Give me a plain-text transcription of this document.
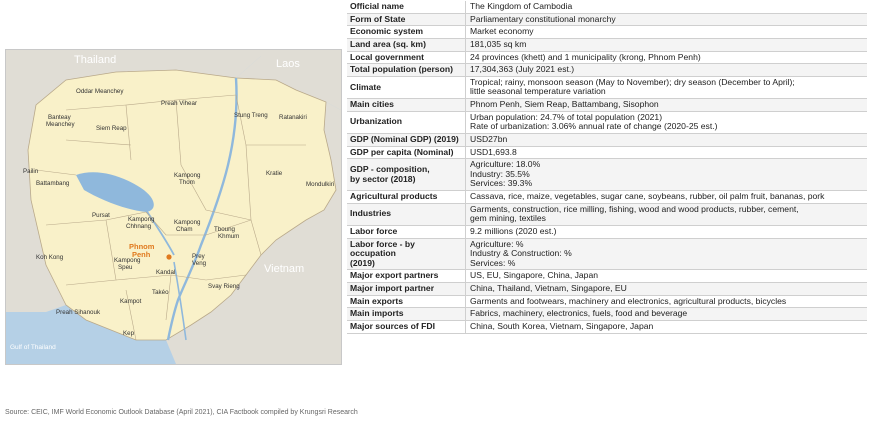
Thailand	Laos
Vietnam
Gulf of Thailand
Oddar Meanchey
Preah Vihear
Stung Treng Ratanakiri
Banteay
Meanchey
Siem Reap
Pailin
Battambang
Kampong
Thom
Kratie
Mondulkiri
Pursat
Kampong
Chhnang
Kampong
Cham	Tboung
Khmum
Koh Kong	Kampong
Speu
Kandal
Prey
Veng
Svay Rieng
Takéo
Kampot
Preah Sihanouk
Kep
Phnom
Penh
Source: CEIC, IMF World Economic Outlook Database (April 2021), CIA Factbook compiled by Krungsri Research
Official name	The Kingdom of Cambodia

Form of State	Parliamentary constitutional monarchy

Economic system	Market economy

Land area (sq. km)	181,035 sq km

Local government	24 provinces (khett) and 1 municipality (krong, Phnom Penh)

Total population (person)	17,304,363 (July 2021 est.)

Climate	Tropical; rainy, monsoon season (May to November); dry season (December to April);
little seasonal temperature variation

Main cities	Phnom Penh, Siem Reap, Battambang, Sisophon

Urbanization	Urban population: 24.7% of total population (2021)
Rate of urbanization: 3.06% annual rate of change (2020-25 est.)

GDP (Nominal GDP) (2019)	USD27bn

GDP per capita (Nominal)	USD1,693.8

GDP - composition,
by sector (2018)	Agriculture: 18.0%
Industry: 35.5%
Services: 39.3%

Agricultural products	Cassava, rice, maize, vegetables, sugar cane, soybeans, rubber, oil palm fruit, bananas, pork

Industries	Garments, construction, rice milling, fishing, wood and wood products, rubber, cement,
gem mining, textiles

Labor force	9.2 millions (2020 est.)

Labor force - by
occupation
(2019)	Agriculture: %
Industry & Construction: %
Services: %

Major export partners	US, EU, Singapore, China, Japan

Major import partner	China, Thailand, Vietnam, Singapore, EU

Main exports	Garments and footwears, machinery and electronics, agricultural products, bicycles

Main imports	Fabrics, machinery, electronics, fuels, food and beverage

Major sources of FDI	China, South Korea, Vietnam, Singapore, Japan
